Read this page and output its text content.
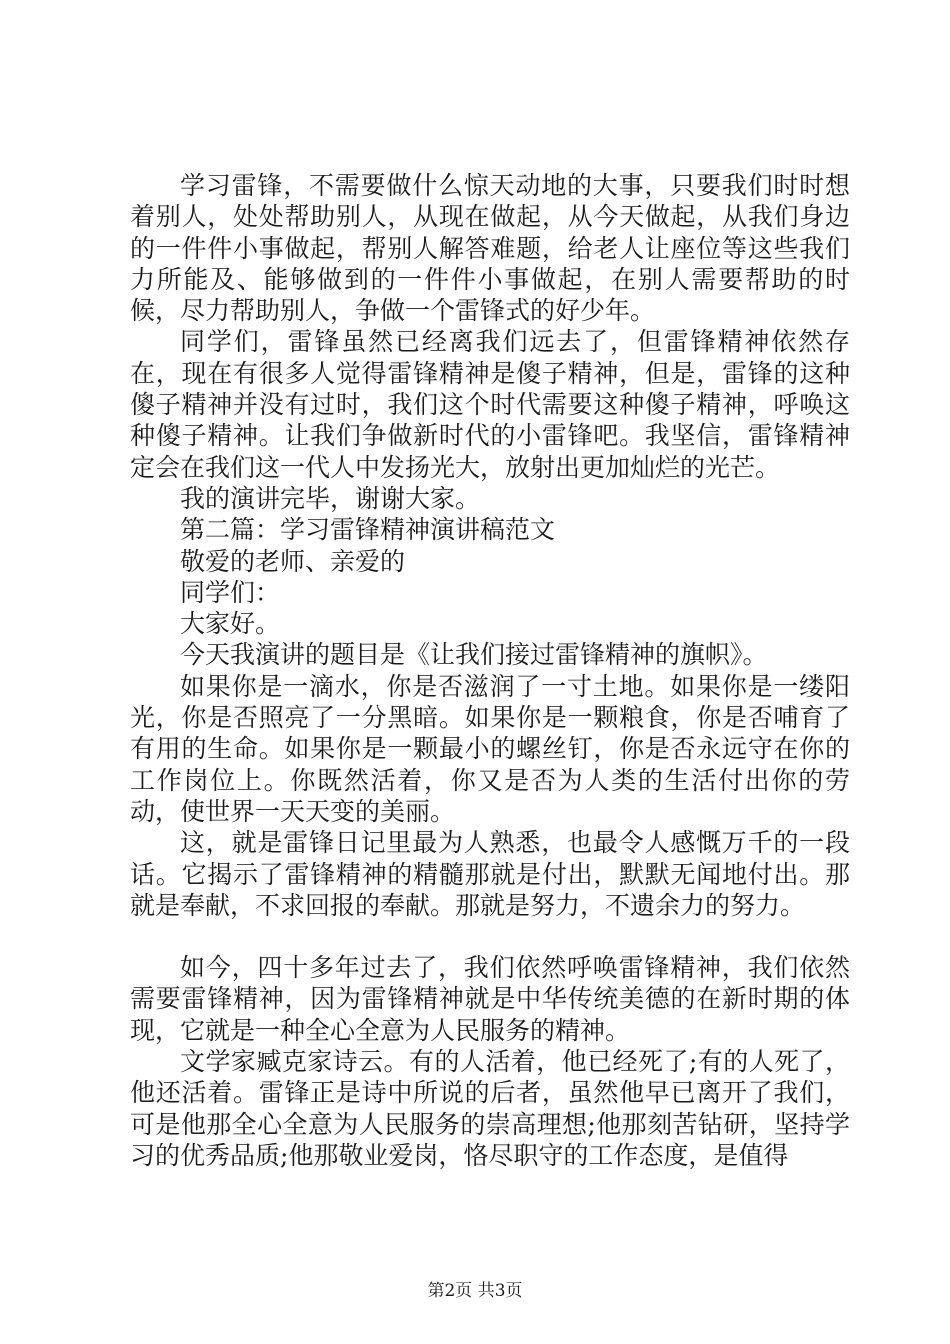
学习雷锋，不需要做什么惊天动地的大事，只要我们时时想着别人，处处帮助别人，从现在做起，从今天做起，从我们身边的一件件小事做起，帮别人解答难题，给老人让座位等这些我们力所能及、能够做到的一件件小事做起，在别人需要帮助的时候，尽力帮助别人，争做一个雷锋式的好少年。

同学们，雷锋虽然已经离我们远去了，但雷锋精神依然存在，现在有很多人觉得雷锋精神是傻子精神，但是，雷锋的这种傻子精神并没有过时，我们这个时代需要这种傻子精神，呼唤这种傻子精神。让我们争做新时代的小雷锋吧。我坚信，雷锋精神定会在我们这一代人中发扬光大，放射出更加灿烂的光芒。

我的演讲完毕，谢谢大家。

第二篇：学习雷锋精神演讲稿范文

敬爱的老师、亲爱的

同学们：

大家好。

今天我演讲的题目是《让我们接过雷锋精神的旗帜》。

如果你是一滴水，你是否滋润了一寸土地。如果你是一缕阳光，你是否照亮了一分黑暗。如果你是一颗粮食，你是否哺育了有用的生命。如果你是一颗最小的螺丝钉，你是否永远守在你的工作岗位上。你既然活着，你又是否为人类的生活付出你的劳动，使世界一天天变的美丽。

这，就是雷锋日记里最为人熟悉，也最令人感慨万千的一段话。它揭示了雷锋精神的精髓那就是付出，默默无闻地付出。那就是奉献，不求回报的奉献。那就是努力，不遗余力的努力。

如今，四十多年过去了，我们依然呼唤雷锋精神，我们依然需要雷锋精神，因为雷锋精神就是中华传统美德的在新时期的体现，它就是一种全心全意为人民服务的精神。

文学家臧克家诗云。有的人活着，他已经死了;有的人死了，他还活着。雷锋正是诗中所说的后者，虽然他早已离开了我们，可是他那全心全意为人民服务的崇高理想;他那刻苦钻研，坚持学习的优秀品质;他那敬业爱岗，恪尽职守的工作态度，是值得

第2页 共3页
